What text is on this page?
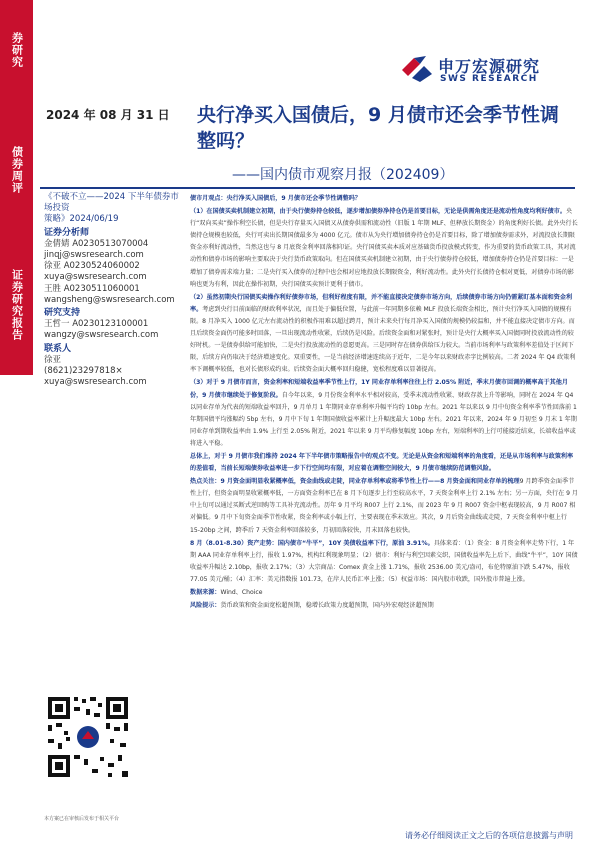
券研究
债券周评
证券研究报告
申万宏源研究
SWS RESEARCH
2024 年 08 月 31 日 央行净买入国债后，9 月债市还会季节性调整吗？
——国内债市观察月报（202409）
《不破不立——2024 下半年债券市场投资
策略》2024/06/19
证券分析师
金倩婧 A0230513070004
jinqj@swsresearch.com
徐亚 A0230524060002
xuya@swsresearch.com
王胜 A0230511060001
wangsheng@swsresearch.com
研究支持
王哲一 A0230123100001
wangzy@swsresearch.com
联系人
徐亚
(8621)23297818×
xuya@swsresearch.com

债市月观点：央行净买入国债后，9 月债市还会季节性调整吗？

（1）在国债买卖机制建立初期，由于央行债券持仓较低，逐步增加债券净持仓仍是首要目标，无论是供需角度还是流动性角度均利好债市。央行“双向买卖”操作利空长债，但是央行存量买入国债又从债券供需和流动性（旧版 1 年期 MLF、但释放长期资金）的角度利好长债。此外央行长债持仓规模也较低，央行可卖出长期国债最多为 4000 亿元。债市从为央行增加债券持仓仍是首要目标，除了增加债券需求外，对流投放长期限资金亦利好流动性，当然这也与 8 月底资金利率回落相印证。央行国债买卖本质对应基础货币投放模式转变，作为重要的货币政策工具，其对流动性和债券市场的影响主要取决于央行货币政策取向。但在国债买卖机制建立初期，由于央行债券持仓较低，增加债券持仓仍是首要目标：一是增加了债券需求端力量；二是央行买入债券的过程中也会相对应地投放长期限资金，利好流动性。此外央行长债持仓相对更低，对债券市场的影响也更为有利，因此在操作初期，央行国债买卖预计更利于债市。

（2）虽然初期央行国债买卖操作利好债券市场，但利好程度有限，并不能直接决定债券市场方向，后续债券市场方向仍需紧盯基本面和资金利率。考虑到央行目前面临的财政利率状况，而且处于偏低位置，与此前一年同期多依赖 MLF 投放长端资金相比，预计央行净买入国债的规模有限。8 月净买入 1000 亿元左右流动性的积极作用难以超过跨月，预计未来央行每月净买入国债的规模仍较温和，并不能直接决定债市方向。而且后续资金面仍可能多时回落，一旦出现流动性收紧，后续仍是风险。后续资金面和对紧张时，预计是央行大概率买入国债同时投放流动性的较好时机。一是债券供给可能加快，二是央行投放流动性的意愿更高。三是同时存在债券供给压力较大。当前市场利率与政策利率差值处于区间下限，后续方向仍取决于经济增速变化。双重要性，一是当前经济增速连续高于近年，二是今年以来财政赤字比例较高。二者 2024 年 Q4 政策利率下调概率较低，也对长债形成约束。后续资金面大概率回归稳健，宽松程度难以显著提高。

（3）对于 9 月债市而言，资金利率和短端收益率季节性上行，1Y 同业存单利率往往上行 2.05% 附近，季末月债市回调的概率高于其他月份，9 月债市继续处于修复阶段。自今年以来，9 月份资金利率水平相对较高，受季末流动性收紧、财政存款上升等影响，同时在 2024 年 Q4 以同业存单为代表的短端收益率回升，9 月单月 1 年期同业存单利率升幅平均约 10bp 左右。2021 年以来以 9 月中旬资金利率季节性回落前 1 年期国债平均涨幅约 5bp 左右，9 月中下旬 1 年期国债收益率累计上升幅度最大 10bp 左右。2021 年以来，2024 年 9 月初至 9 月末 1 年期同业存单到期收益率由 1.9% 上行至 2.05% 附近，2021 年以来 9 月平均修复幅度 10bp 左右，短端利率的上行可能接近结束，长端收益率或将进入平稳。

总体上，对于 9 月债市我们维持 2024 年下半年债市策略报告中的观点不变。无论是从资金和短端利率的角度看，还是从市场利率与政策利率的差值看，当前长短端债券收益率进一步下行空间均有限，对应着在调整空间较大，9 月债市继续防范调整风险。

热点关注：9 月资金面明显收紧概率低，资金曲线或走陡，同业存单利率或将季节性上行——8 月资金面和同业存单的梳理9 月跨季资金面季节性上行，但资金面明显收紧概率低，一方面资金利率已在 8 月下旬逐步上行至较高水平，7 天资金利率上行 2.1% 左右；另一方面，央行在 9 月中上旬可以通过买断式逆回购等工具补充流动性。历年 9 月平均 R007 上行 2.1%，而 2023 年 9 月 R007 资金中枢表现较高，9 月 R007 相对偏低。9 月中下旬资金面季节性收紧，资金利率或小幅上行，主要表现在季末效应。其次，9 月后资金曲线或走陡，7 天资金利率中枢上行 15-20bp 之间，跨季后 7 天资金利率回落较多，月初回落较快，月末回落也较快。

8 月（8.01-8.30）资产走势：国内债市“牛平”，10Y 美债收益率下行，原油 3.91%。具体来看：（1）资金：8 月资金利率走势下行，1 年期 AAA 同业存单利率上行，报收 1.97%，机构红利现象明显；（2）债市：利好与利空因素交织，国债收益率先上后下，曲线“牛平”，10Y 国债收益率升幅达 2.10bp，报收 2.17%；（3）大宗商品：Comex 黄金上涨 1.71%，报收 2536.00 美元/盎司，布伦特原油下跌 5.47%，报收 77.05 美元/桶；（4）汇率：美元指数报 101.73，在岸人民币汇率上涨；（5）权益市场：国内股市收跌，国外股市普遍上涨。

数据来源：Wind、Choice

风险提示：货币政策和资金面宽松超预期，稳增长政策力度超预期，国内外宏观经济超预期

本方案已在审核后发布于相关平台
请务必仔细阅读正文之后的各项信息披露与声明
